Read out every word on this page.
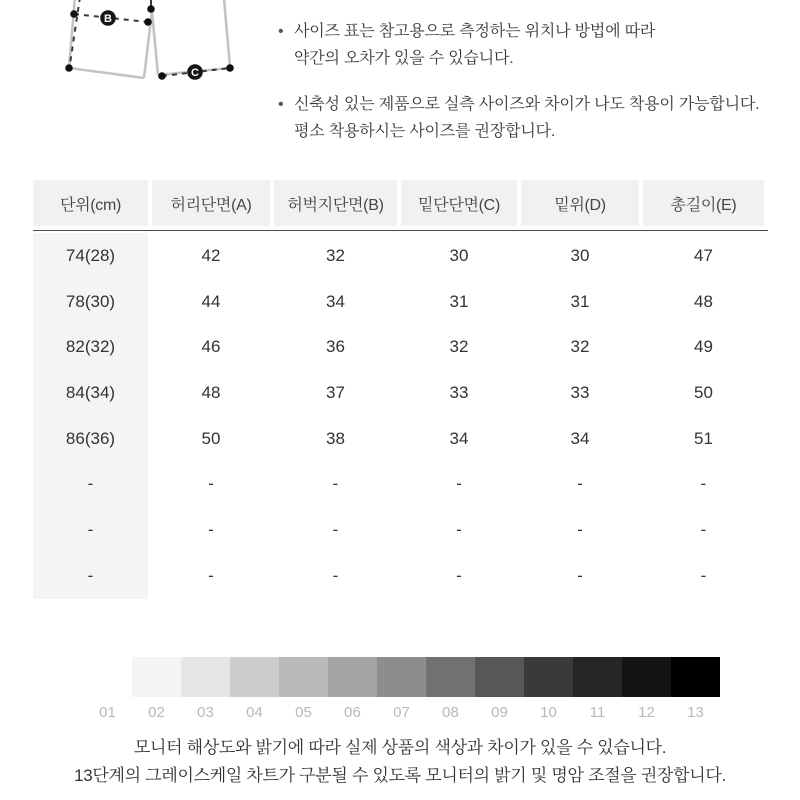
B
C
• 사이즈 표는 참고용으로 측정하는 위치나 방법에 따라
약간의 오차가 있을 수 있습니다.
• 신축성 있는 제품으로 실측 사이즈와 차이가 나도 착용이 가능합니다.
평소 착용하시는 사이즈를 권장합니다.
단위(cm)	허리단면(A)	허벅지단면(B)	밑단단면(C)	밑위(D)	총길이(E)
74(28)	42	32	30	30	47
78(30)	44	34	31	31	48
82(32)	46	36	32	32	49
84(34)	48	37	33	33	50
86(36)	50	38	34	34	51
-	-	-	-	-	-
-	-	-	-	-	-
-	-	-	-	-	-
01	02	03	04	05	06	07	08	09	10	11	12	13
모니터 해상도와 밝기에 따라 실제 상품의 색상과 차이가 있을 수 있습니다.
13단계의 그레이스케일 차트가 구분될 수 있도록 모니터의 밝기 및 명암 조절을 권장합니다.
